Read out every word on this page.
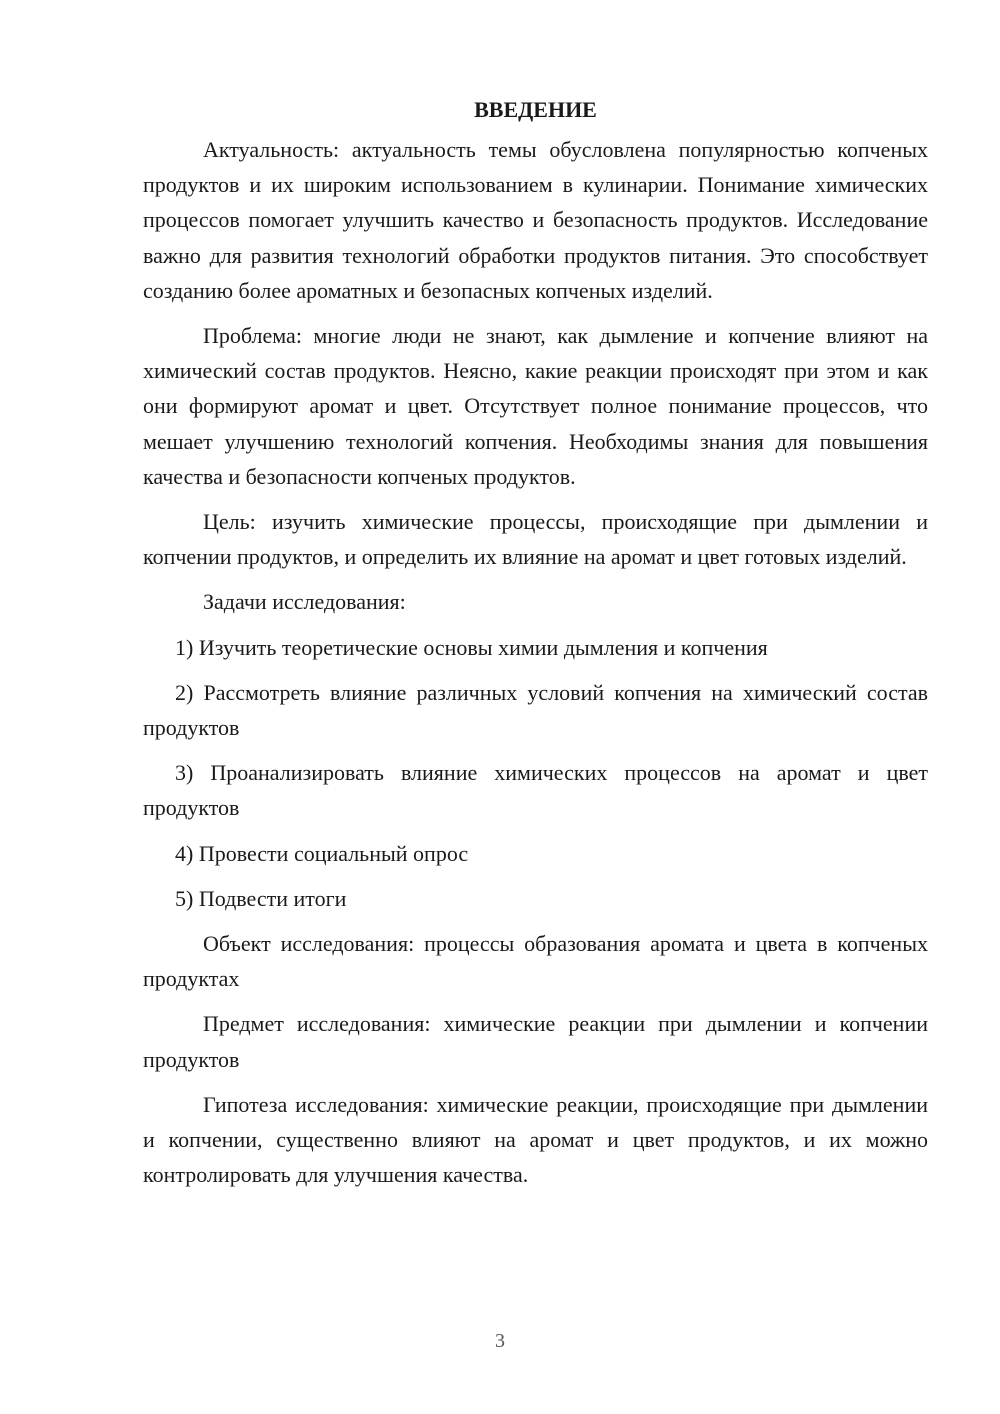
ВВЕДЕНИЕ

Актуальность: актуальность темы обусловлена популярностью копченых продуктов и их широким использованием в кулинарии. Понимание химических процессов помогает улучшить качество и безопасность продуктов. Исследование важно для развития технологий обработки продуктов питания. Это способствует созданию более ароматных и безопасных копченых изделий.

Проблема: многие люди не знают, как дымление и копчение влияют на химический состав продуктов. Неясно, какие реакции происходят при этом и как они формируют аромат и цвет. Отсутствует полное понимание процессов, что мешает улучшению технологий копчения. Необходимы знания для повышения качества и безопасности копченых продуктов.

Цель: изучить химические процессы, происходящие при дымлении и копчении продуктов, и определить их влияние на аромат и цвет готовых изделий.

Задачи исследования:

1) Изучить теоретические основы химии дымления и копчения

2) Рассмотреть влияние различных условий копчения на химический состав продуктов

3) Проанализировать влияние химических процессов на аромат и цвет продуктов

4) Провести социальный опрос

5) Подвести итоги

Объект исследования: процессы образования аромата и цвета в копченых продуктах

Предмет исследования: химические реакции при дымлении и копчении продуктов

Гипотеза исследования: химические реакции, происходящие при дымлении и копчении, существенно влияют на аромат и цвет продуктов, и их можно контролировать для улучшения качества.

3
